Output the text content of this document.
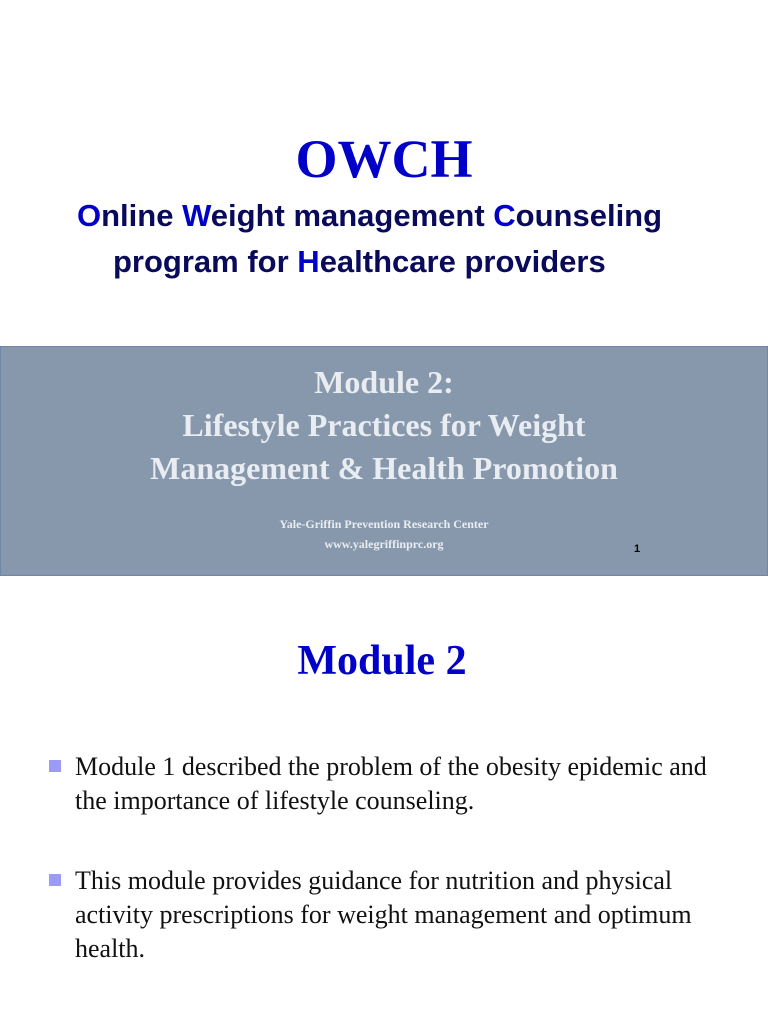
OWCH
Online Weight management Counseling
program for Healthcare providers
Module 2:
Lifestyle Practices for Weight
Management & Health Promotion
Yale-Griffin Prevention Research Center
www.yalegriffinprc.org	1
Module 2
Module 1 described the problem of the obesity epidemic and the importance of lifestyle counseling.
This module provides guidance for nutrition and physical activity prescriptions for weight management and optimum health.
